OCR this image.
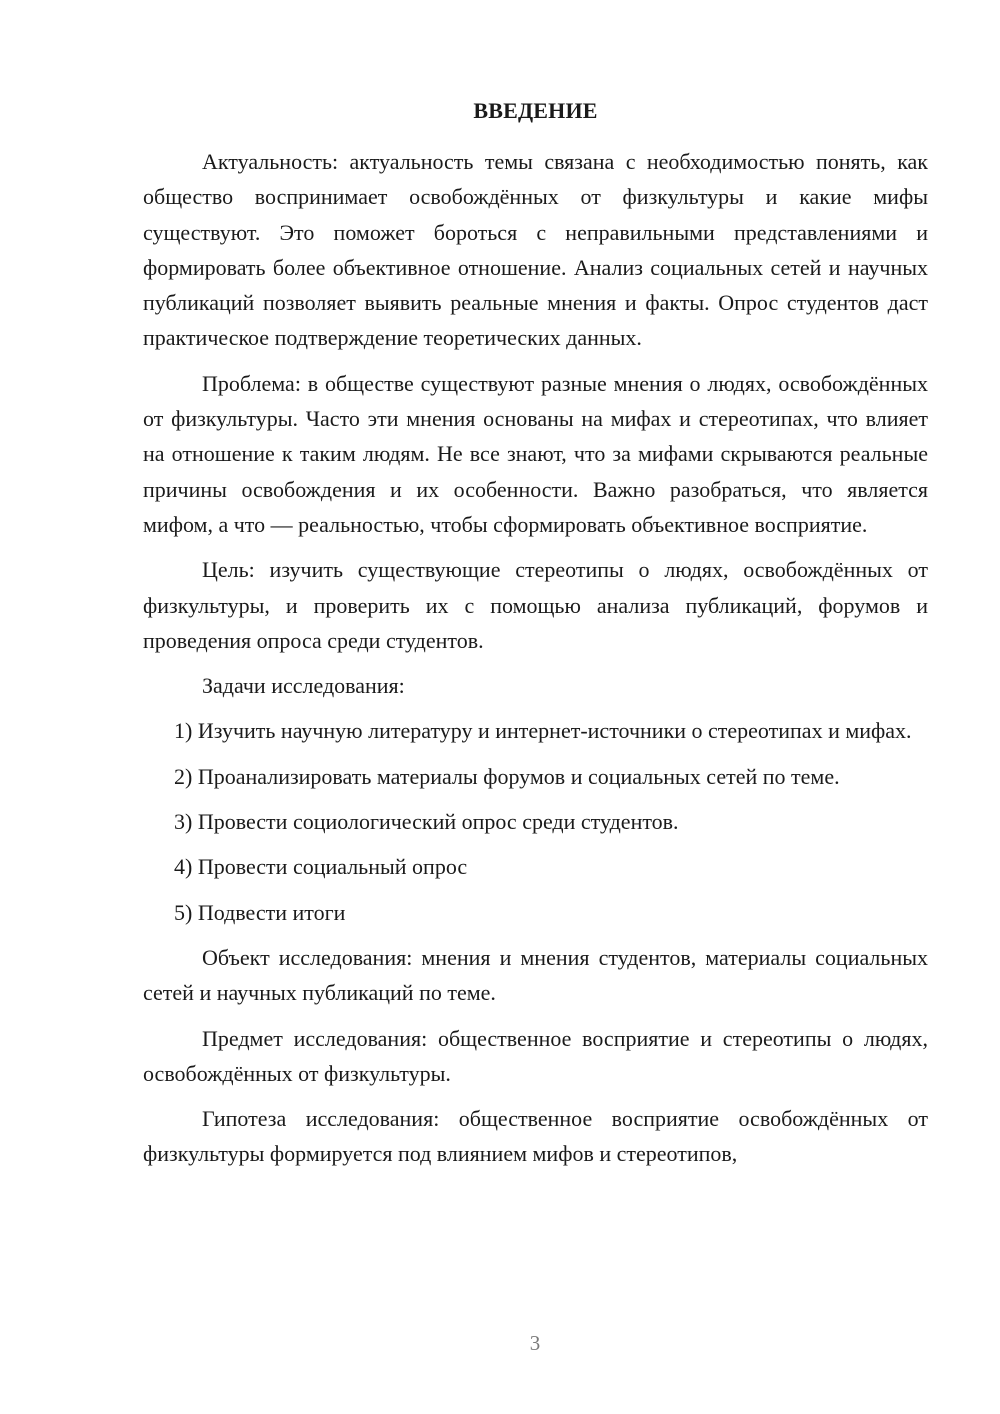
ВВЕДЕНИЕ

Актуальность: актуальность темы связана с необходимостью понять, как общество воспринимает освобождённых от физкультуры и какие мифы существуют. Это поможет бороться с неправильными представлениями и формировать более объективное отношение. Анализ социальных сетей и научных публикаций позволяет выявить реальные мнения и факты. Опрос студентов даст практическое подтверждение теоретических данных.

Проблема: в обществе существуют разные мнения о людях, освобождённых от физкультуры. Часто эти мнения основаны на мифах и стереотипах, что влияет на отношение к таким людям. Не все знают, что за мифами скрываются реальные причины освобождения и их особенности. Важно разобраться, что является мифом, а что — реальностью, чтобы сформировать объективное восприятие.

Цель: изучить существующие стереотипы о людях, освобождённых от физкультуры, и проверить их с помощью анализа публикаций, форумов и проведения опроса среди студентов.

Задачи исследования:

1) Изучить научную литературу и интернет-источники о стереотипах и мифах.

2) Проанализировать материалы форумов и социальных сетей по теме.

3) Провести социологический опрос среди студентов.

4) Провести социальный опрос

5) Подвести итоги

Объект исследования: мнения и мнения студентов, материалы социальных сетей и научных публикаций по теме.

Предмет исследования: общественное восприятие и стереотипы о людях, освобождённых от физкультуры.

Гипотеза исследования: общественное восприятие освобождённых от физкультуры формируется под влиянием мифов и стереотипов,

3
